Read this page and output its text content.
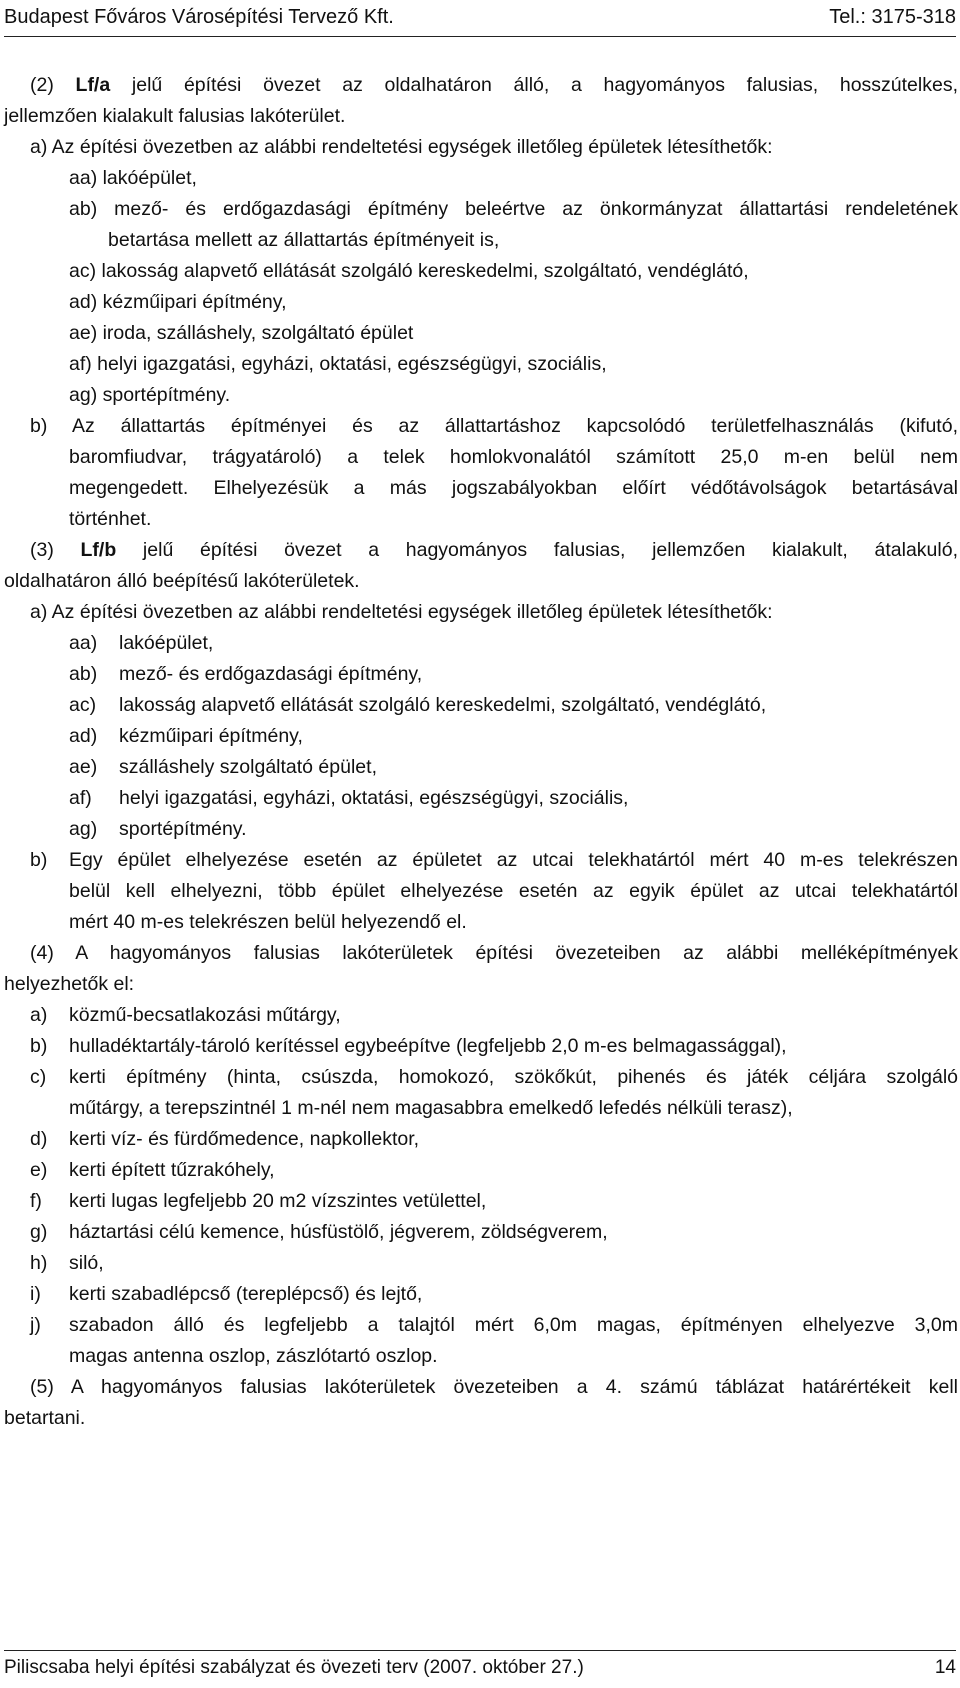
Budapest Főváros Városépítési Tervező Kft.	Tel.: 3175-318
(2) Lf/a jelű építési övezet az oldalhatáron álló, a hagyományos falusias, hosszútelkes,
jellemzően kialakult falusias lakóterület.
a) Az építési övezetben az alábbi rendeltetési egységek illetőleg épületek létesíthetők:
aa) lakóépület,
ab) mező- és erdőgazdasági építmény beleértve az önkormányzat állattartási rendeletének
betartása mellett az állattartás építményeit is,
ac) lakosság alapvető ellátását szolgáló kereskedelmi, szolgáltató, vendéglátó,
ad) kézműipari építmény,
ae) iroda, szálláshely, szolgáltató épület
af) helyi igazgatási, egyházi, oktatási, egészségügyi, szociális,
ag) sportépítmény.
b) Az állattartás építményei és az állattartáshoz kapcsolódó területfelhasználás (kifutó,
baromfiudvar, trágyatároló) a telek homlokvonalától számított 25,0 m-en belül nem
megengedett. Elhelyezésük a más jogszabályokban előírt védőtávolságok betartásával
történhet.
(3) Lf/b jelű építési övezet a hagyományos falusias, jellemzően kialakult, átalakuló,
oldalhatáron álló beépítésű lakóterületek.
a) Az építési övezetben az alábbi rendeltetési egységek illetőleg épületek létesíthetők:
aa) lakóépület,
ab) mező- és erdőgazdasági építmény,
ac) lakosság alapvető ellátását szolgáló kereskedelmi, szolgáltató, vendéglátó,
ad) kézműipari építmény,
ae) szálláshely szolgáltató épület,
af) helyi igazgatási, egyházi, oktatási, egészségügyi, szociális,
ag) sportépítmény.
b) Egy épület elhelyezése esetén az épületet az utcai telekhatártól mért 40 m-es telekrészen
belül kell elhelyezni, több épület elhelyezése esetén az egyik épület az utcai telekhatártól
mért 40 m-es telekrészen belül helyezendő el.
(4) A hagyományos falusias lakóterületek építési övezeteiben az alábbi melléképítmények
helyezhetők el:
a) közmű-becsatlakozási műtárgy,
b) hulladéktartály-tároló kerítéssel egybeépítve (legfeljebb 2,0 m-es belmagassággal),
c) kerti építmény (hinta, csúszda, homokozó, szökőkút, pihenés és játék céljára szolgáló
műtárgy, a terepszintnél 1 m-nél nem magasabbra emelkedő lefedés nélküli terasz),
d) kerti víz- és fürdőmedence, napkollektor,
e) kerti épített tűzrakóhely,
f) kerti lugas legfeljebb 20 m2 vízszintes vetülettel,
g) háztartási célú kemence, húsfüstölő, jégverem, zöldségverem,
h) siló,
i) kerti szabadlépcső (tereplépcső) és lejtő,
j) szabadon álló és legfeljebb a talajtól mért 6,0m magas, építményen elhelyezve 3,0m
magas antenna oszlop, zászlótartó oszlop.
(5) A hagyományos falusias lakóterületek övezeteiben a 4. számú táblázat határértékeit kell
betartani.
Piliscsaba helyi építési szabályzat és övezeti terv (2007. október 27.)	14
